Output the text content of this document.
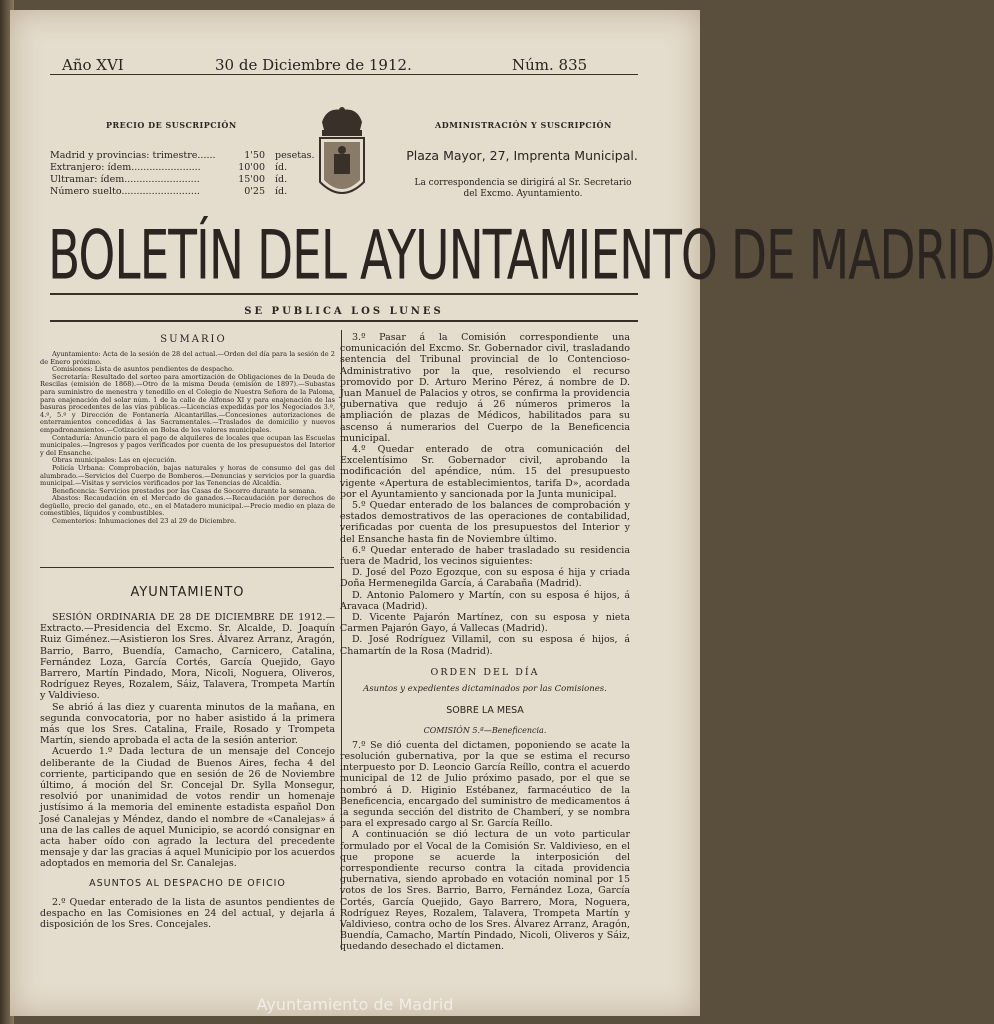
Año XVI	30 de Diciembre de 1912.	Núm. 835
PRECIO DE SUSCRIPCIÓN	ADMINISTRACIÓN Y SUSCRIPCIÓN
Madrid y provincias: trimestre......	1'50	pesetas.
Extranjero: ídem.......................	10'00	íd.
Ultramar: ídem.........................	15'00	íd.
Número suelto..........................	0'25	íd.
Plaza Mayor, 27, Imprenta Municipal.
La correspondencia se dirigirá al Sr. Secretario
del Excmo. Ayuntamiento.
BOLETÍN DEL AYUNTAMIENTO DE MADRID
SE PUBLICA LOS LUNES

SUMARIO

Ayuntamiento: Acta de la sesión de 28 del actual.—Orden del día para la sesión de 2 de Enero próximo.

Comisiones: Lista de asuntos pendientes de despacho.

Secretaría: Resultado del sorteo para amortización de Obligaciones de la Deuda de Rescilas (emisión de 1868).—Otro de la misma Deuda (emisión de 1897).—Subastas para suministro de menestra y tenedillo en el Colegio de Nuestra Señora de la Paloma, para enajenación del solar núm. 1 de la calle de Alfonso XI y para enajenación de las basuras procedentes de las vías públicas.—Licencias expedidas por los Negociados 3.º, 4.º, 5.º y Dirección de Fontanería Alcantarillas.—Concesiones autorizaciones de enterramientos concedidas á las Sacramentales.—Traslados de domicilio y nuevos empadronamientos.—Cotización en Bolsa de los valores municipales.

Contaduría: Anuncio para el pago de alquileres de locales que ocupan las Escuelas municipales.—Ingresos y pagos verificados por cuenta de los presupuestos del Interior y del Ensanche.

Obras municipales: Las en ejecución.

Policía Urbana: Comprobación, bajas naturales y horas de consumo del gas del alumbrado.—Servicios del Cuerpo de Bomberos.—Denuncias y servicios por la guardia municipal.—Visitas y servicios verificados por las Tenencias de Alcaldía.

Beneficencia: Servicios prestados por las Casas de Socorro durante la semana.

Abastos: Recaudación en el Mercado de ganados.—Recaudación por derechos de degüello, precio del ganado, etc., en el Matadero municipal.—Precio medio en plaza de comestibles, líquidos y combustibles.

Cementerios: Inhumaciones del 23 al 29 de Diciembre.

AYUNTAMIENTO

SESIÓN ORDINARIA DE 28 DE DICIEMBRE DE 1912.—Extracto.—Presidencia del Excmo. Sr. Alcalde, D. Joaquín Ruiz Giménez.—Asistieron los Sres. Álvarez Arranz, Aragón, Barrio, Barro, Buendía, Camacho, Carnicero, Catalina, Fernández Loza, García Cortés, García Quejido, Gayo Barrero, Martín Pindado, Mora, Nicoli, Noguera, Oliveros, Rodríguez Reyes, Rozalem, Sáiz, Talavera, Trompeta Martín y Valdivieso.

Se abrió á las diez y cuarenta minutos de la mañana, en segunda convocatoria, por no haber asistido á la primera más que los Sres. Catalina, Fraile, Rosado y Trompeta Martín, siendo aprobada el acta de la sesión anterior.

Acuerdo 1.º Dada lectura de un mensaje del Concejo deliberante de la Ciudad de Buenos Aires, fecha 4 del corriente, participando que en sesión de 26 de Noviembre último, á moción del Sr. Concejal Dr. Sylla Monsegur, resolvió por unanimidad de votos rendir un homenaje justísimo á la memoria del eminente estadista español Don José Canalejas y Méndez, dando el nombre de «Canalejas» á una de las calles de aquel Municipio, se acordó consignar en acta haber oído con agrado la lectura del precedente mensaje y dar las gracias á aquel Municipio por los acuerdos adoptados en memoria del Sr. Canalejas.

ASUNTOS AL DESPACHO DE OFICIO

2.º Quedar enterado de la lista de asuntos pendientes de despacho en las Comisiones en 24 del actual, y dejarla á disposición de los Sres. Concejales.

3.º Pasar á la Comisión correspondiente una comunicación del Excmo. Sr. Gobernador civil, trasladando sentencia del Tribunal provincial de lo Contencioso-Administrativo por la que, resolviendo el recurso promovido por D. Arturo Merino Pérez, á nombre de D. Juan Manuel de Palacios y otros, se confirma la providencia gubernativa que redujo á 26 números primeros la ampliación de plazas de Médicos, habilitados para su ascenso á numerarios del Cuerpo de la Beneficencia municipal.

4.º Quedar enterado de otra comunicación del Excelentísimo Sr. Gobernador civil, aprobando la modificación del apéndice, núm. 15 del presupuesto vigente «Apertura de establecimientos, tarifa D», acordada por el Ayuntamiento y sancionada por la Junta municipal.

5.º Quedar enterado de los balances de comprobación y estados demostrativos de las operaciones de contabilidad, verificadas por cuenta de los presupuestos del Interior y del Ensanche hasta fin de Noviembre último.

6.º Quedar enterado de haber trasladado su residencia fuera de Madrid, los vecinos siguientes:

D. José del Pozo Egozque, con su esposa é hija y criada Doña Hermenegilda García, á Carabaña (Madrid).

D. Antonio Palomero y Martín, con su esposa é hijos, á Aravaca (Madrid).

D. Vicente Pajarón Martínez, con su esposa y nieta Carmen Pajarón Gayo, á Vallecas (Madrid).

D. José Rodríguez Villamil, con su esposa é hijos, á Chamartín de la Rosa (Madrid).

ORDEN DEL DÍA

Asuntos y expedientes dictaminados por las Comisiones.

SOBRE LA MESA

COMISIÓN 5.ª—Beneficencia.

7.º Se dió cuenta del dictamen, poponiendo se acate la resolución gubernativa, por la que se estima el recurso interpuesto por D. Leoncio García Reíllo, contra el acuerdo municipal de 12 de Julio próximo pasado, por el que se nombró á D. Higinio Estébanez, farmacéutico de la Beneficencia, encargado del suministro de medicamentos á la segunda sección del distrito de Chamberí, y se nombra para el expresado cargo al Sr. García Reíllo.

A continuación se dió lectura de un voto particular formulado por el Vocal de la Comisión Sr. Valdivieso, en el que propone se acuerde la interposición del correspondiente recurso contra la citada providencia gubernativa, siendo aprobado en votación nominal por 15 votos de los Sres. Barrio, Barro, Fernández Loza, García Cortés, García Quejido, Gayo Barrero, Mora, Noguera, Rodríguez Reyes, Rozalem, Talavera, Trompeta Martín y Valdivieso, contra ocho de los Sres. Álvarez Arranz, Aragón, Buendía, Camacho, Martín Pindado, Nicoli, Oliveros y Sáiz, quedando desechado el dictamen.

Ayuntamiento de Madrid
